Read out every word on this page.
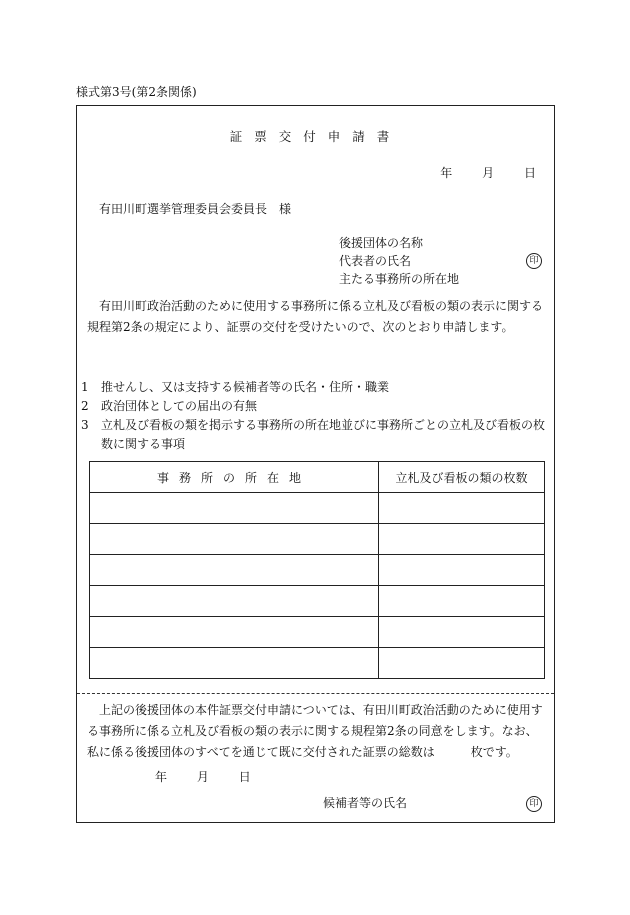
様式第3号(第2条関係)
証票交付申請書
年 月 日
有田川町選挙管理委員会委員長　様
後援団体の名称
代表者の氏名
主たる事務所の所在地
印
有田川町政治活動のために使用する事務所に係る立札及び看板の類の表示に関する規程第2条の規定により、証票の交付を受けたいので、次のとおり申請します。
1	推せんし、又は支持する候補者等の氏名・住所・職業
2	政治団体としての届出の有無
3	立札及び看板の類を掲示する事務所の所在地並びに事務所ごとの立札及び看板の枚数に関する事項
事務所の所在地	立札及び看板の類の枚数

上記の後援団体の本件証票交付申請については、有田川町政治活動のために使用する事務所に係る立札及び看板の類の表示に関する規程第2条の同意をします。なお、私に係る後援団体のすべてを通じて既に交付された証票の総数は　　　枚です。
年 月 日
候補者等の氏名	印
